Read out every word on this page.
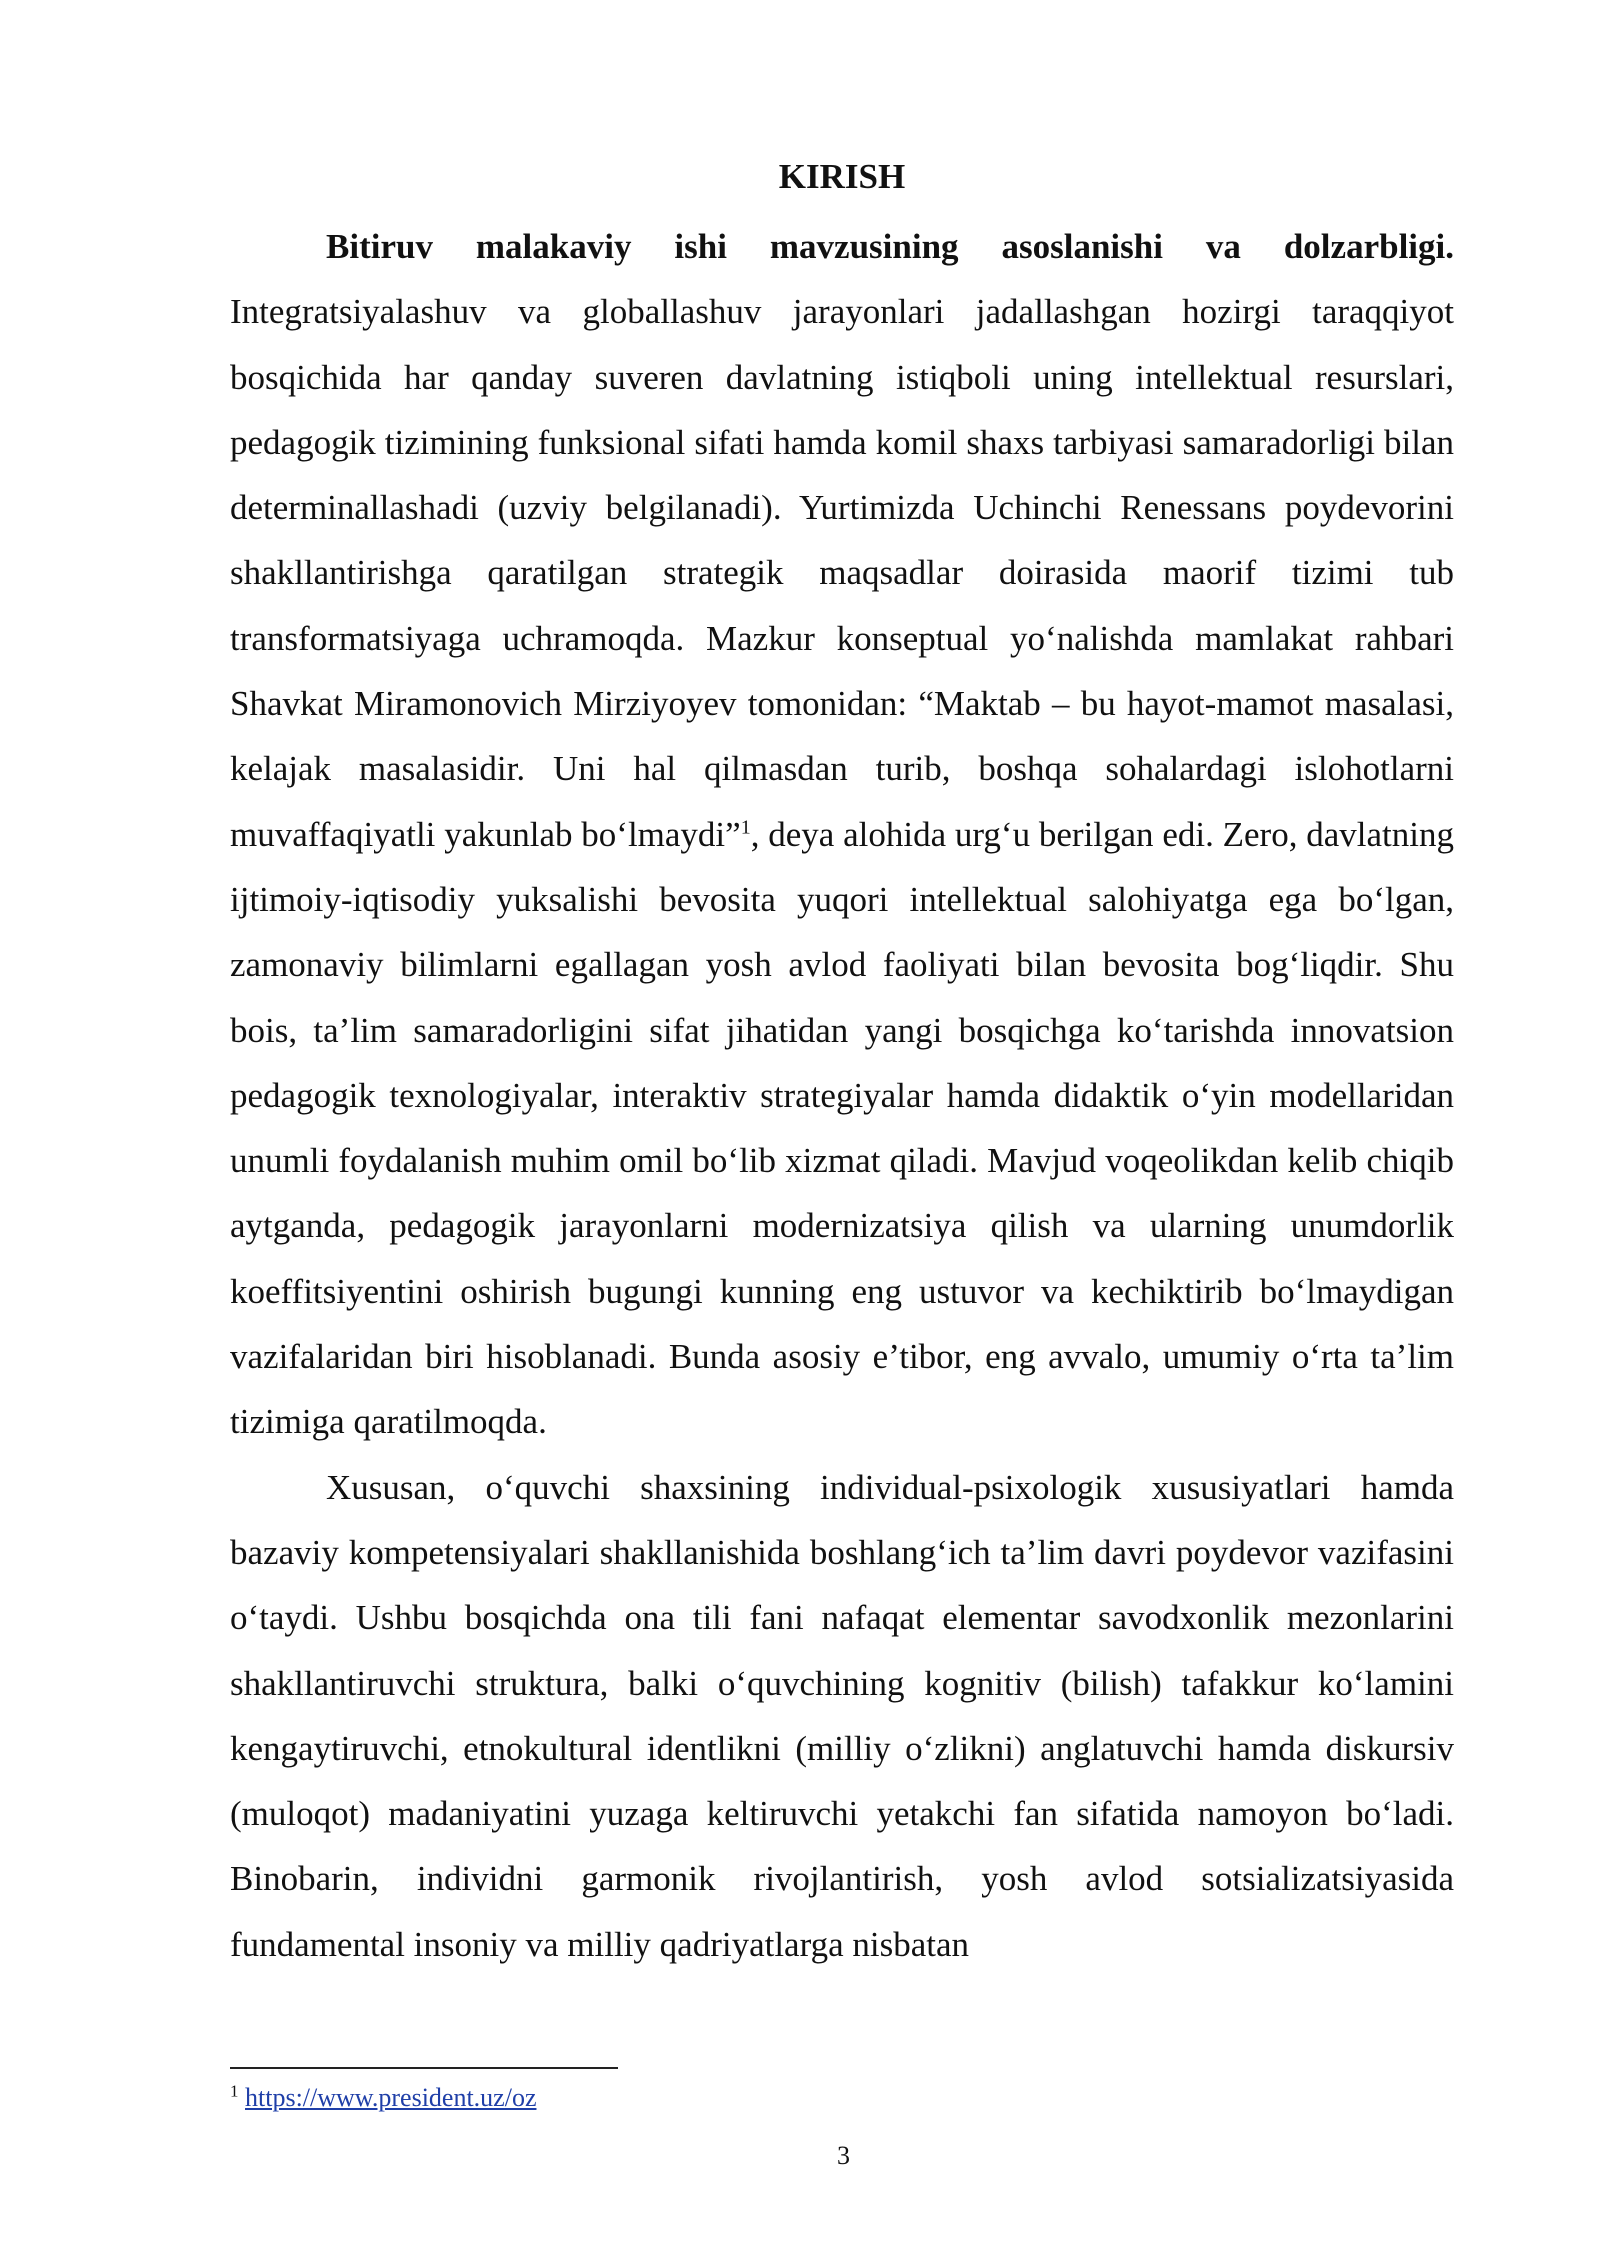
KIRISH

Bitiruv malakaviy ishi mavzusining asoslanishi va dolzarbligi. Integratsiyalashuv va globallashuv jarayonlari jadallashgan hozirgi taraqqiyot bosqichida har qanday suveren davlatning istiqboli uning intellektual resurslari, pedagogik tizimining funksional sifati hamda komil shaxs tarbiyasi samaradorligi bilan determinallashadi (uzviy belgilanadi). Yurtimizda Uchinchi Renessans poydevorini shakllantirishga qaratilgan strategik maqsadlar doirasida maorif tizimi tub transformatsiyaga uchramoqda. Mazkur konseptual yo‘nalishda mamlakat rahbari Shavkat Miramonovich Mirziyoyev tomonidan: “Maktab – bu hayot-mamot masalasi, kelajak masalasidir. Uni hal qilmasdan turib, boshqa sohalardagi islohotlarni muvaffaqiyatli yakunlab bo‘lmaydi”$^1$, deya alohida urg‘u berilgan edi. Zero, davlatning ijtimoiy-iqtisodiy yuksalishi bevosita yuqori intellektual salohiyatga ega bo‘lgan, zamonaviy bilimlarni egallagan yosh avlod faoliyati bilan bevosita bog‘liqdir. Shu bois, ta’lim samaradorligini sifat jihatidan yangi bosqichga ko‘tarishda innovatsion pedagogik texnologiyalar, interaktiv strategiyalar hamda didaktik o‘yin modellaridan unumli foydalanish muhim omil bo‘lib xizmat qiladi. Mavjud voqeolikdan kelib chiqib aytganda, pedagogik jarayonlarni modernizatsiya qilish va ularning unumdorlik koeffitsiyentini oshirish bugungi kunning eng ustuvor va kechiktirib bo‘lmaydigan vazifalaridan biri hisoblanadi. Bunda asosiy e’tibor, eng avvalo, umumiy o‘rta ta’lim tizimiga qaratilmoqda.

Xususan, o‘quvchi shaxsining individual-psixologik xususiyatlari hamda bazaviy kompetensiyalari shakllanishida boshlang‘ich ta’lim davri poydevor vazifasini o‘taydi. Ushbu bosqichda ona tili fani nafaqat elementar savodxonlik mezonlarini shakllantiruvchi struktura, balki o‘quvchining kognitiv (bilish) tafakkur ko‘lamini kengaytiruvchi, etnokultural identlikni (milliy o‘zlikni) anglatuvchi hamda diskursiv (muloqot) madaniyatini yuzaga keltiruvchi yetakchi fan sifatida namoyon bo‘ladi. Binobarin, individni garmonik rivojlantirish, yosh avlod sotsializatsiyasida fundamental insoniy va milliy qadriyatlarga nisbatan

$^1$ https://www.president.uz/oz
3
